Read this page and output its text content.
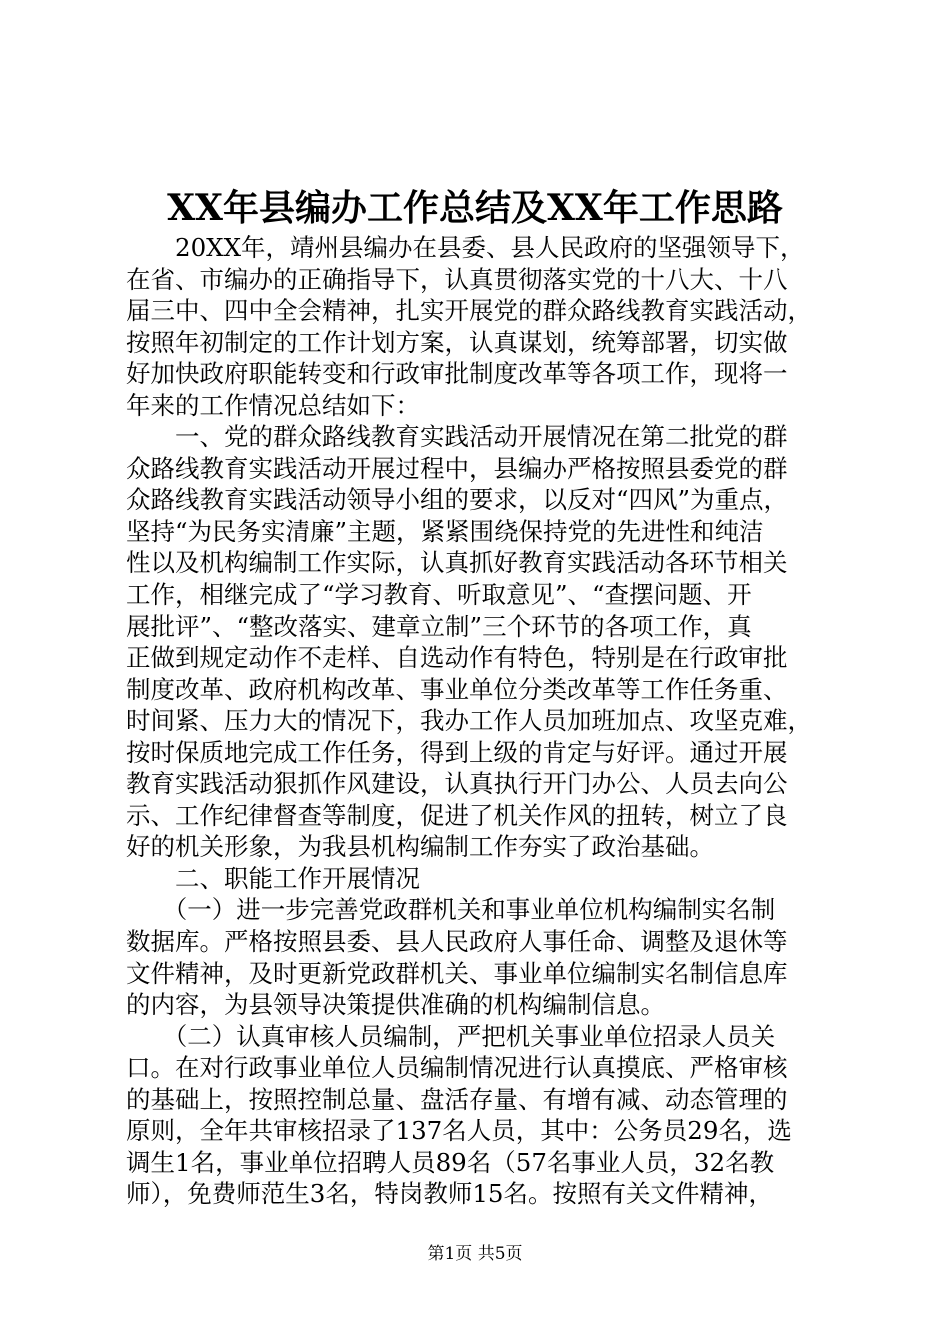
XX年县编办工作总结及XX年工作思路
　　20XX年，靖州县编办在县委、县人民政府的坚强领导下，
在省、市编办的正确指导下，认真贯彻落实党的十八大、十八
届三中、四中全会精神，扎实开展党的群众路线教育实践活动，
按照年初制定的工作计划方案，认真谋划，统筹部署，切实做
好加快政府职能转变和行政审批制度改革等各项工作，现将一
年来的工作情况总结如下：
　　一、党的群众路线教育实践活动开展情况在第二批党的群
众路线教育实践活动开展过程中，县编办严格按照县委党的群
众路线教育实践活动领导小组的要求，以反对“四风”为重点，
坚持“为民务实清廉”主题，紧紧围绕保持党的先进性和纯洁
性以及机构编制工作实际，认真抓好教育实践活动各环节相关
工作，相继完成了“学习教育、听取意见”、“查摆问题、开
展批评”、“整改落实、建章立制”三个环节的各项工作，真
正做到规定动作不走样、自选动作有特色，特别是在行政审批
制度改革、政府机构改革、事业单位分类改革等工作任务重、
时间紧、压力大的情况下，我办工作人员加班加点、攻坚克难，
按时保质地完成工作任务，得到上级的肯定与好评。通过开展
教育实践活动狠抓作风建设，认真执行开门办公、人员去向公
示、工作纪律督查等制度，促进了机关作风的扭转，树立了良
好的机关形象，为我县机构编制工作夯实了政治基础。
　　二、职能工作开展情况
　　（一）进一步完善党政群机关和事业单位机构编制实名制
数据库。严格按照县委、县人民政府人事任命、调整及退休等
文件精神，及时更新党政群机关、事业单位编制实名制信息库
的内容，为县领导决策提供准确的机构编制信息。
　　（二）认真审核人员编制，严把机关事业单位招录人员关
口。在对行政事业单位人员编制情况进行认真摸底、严格审核
的基础上，按照控制总量、盘活存量、有增有减、动态管理的
原则，全年共审核招录了137名人员，其中：公务员29名，选
调生1名，事业单位招聘人员89名（57名事业人员，32名教
师），免费师范生3名，特岗教师15名。按照有关文件精神，
第1页 共5页
